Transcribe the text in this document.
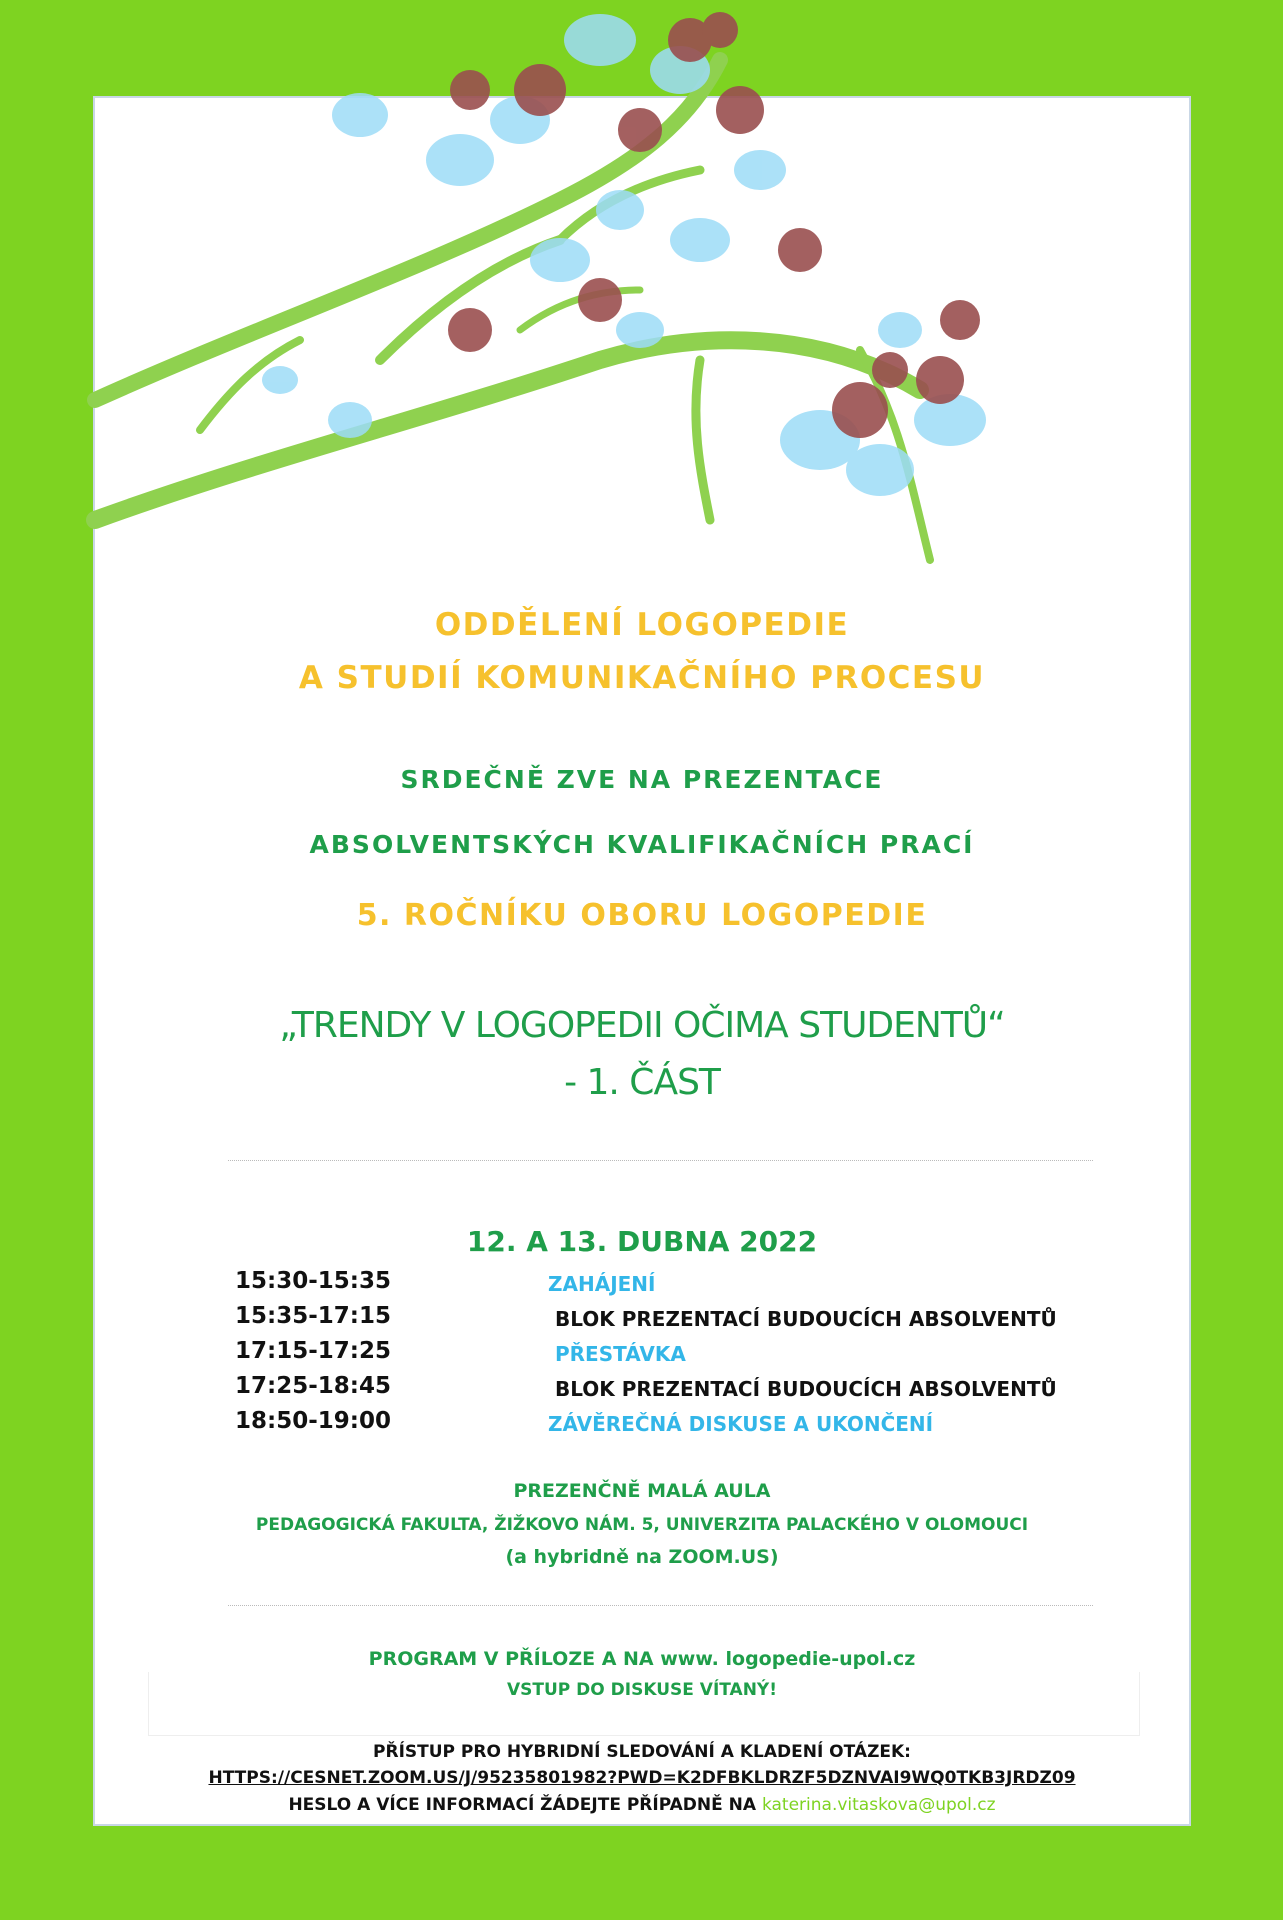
ODDĚLENÍ LOGOPEDIE
A STUDIÍ KOMUNIKAČNÍHO PROCESU
SRDEČNĚ ZVE NA PREZENTACE
ABSOLVENTSKÝCH KVALIFIKAČNÍCH PRACÍ
5. ROČNÍKU OBORU LOGOPEDIE
„TRENDY V LOGOPEDII OČIMA STUDENTŮ“
- 1. ČÁST
12. A 13. DUBNA 2022
15:30-15:35	ZAHÁJENÍ
15:35-17:15	BLOK PREZENTACÍ BUDOUCÍCH ABSOLVENTŮ
17:15-17:25	PŘESTÁVKA
17:25-18:45	BLOK PREZENTACÍ BUDOUCÍCH ABSOLVENTŮ
18:50-19:00	ZÁVĚREČNÁ DISKUSE A UKONČENÍ
PREZENČNĚ MALÁ AULA
PEDAGOGICKÁ FAKULTA, ŽIŽKOVO NÁM. 5, UNIVERZITA PALACKÉHO V OLOMOUCI
(a hybridně na ZOOM.US)
PROGRAM V PŘÍLOZE A NA www. logopedie-upol.cz
VSTUP DO DISKUSE VÍTANÝ!
PŘÍSTUP PRO HYBRIDNÍ SLEDOVÁNÍ A KLADENÍ OTÁZEK:
HTTPS://CESNET.ZOOM.US/J/95235801982?PWD=K2DFBKLDRZF5DZNVAI9WQ0TKB3JRDZ09
HESLO A VÍCE INFORMACÍ ŽÁDEJTE PŘÍPADNĚ NA katerina.vitaskova@upol.cz
